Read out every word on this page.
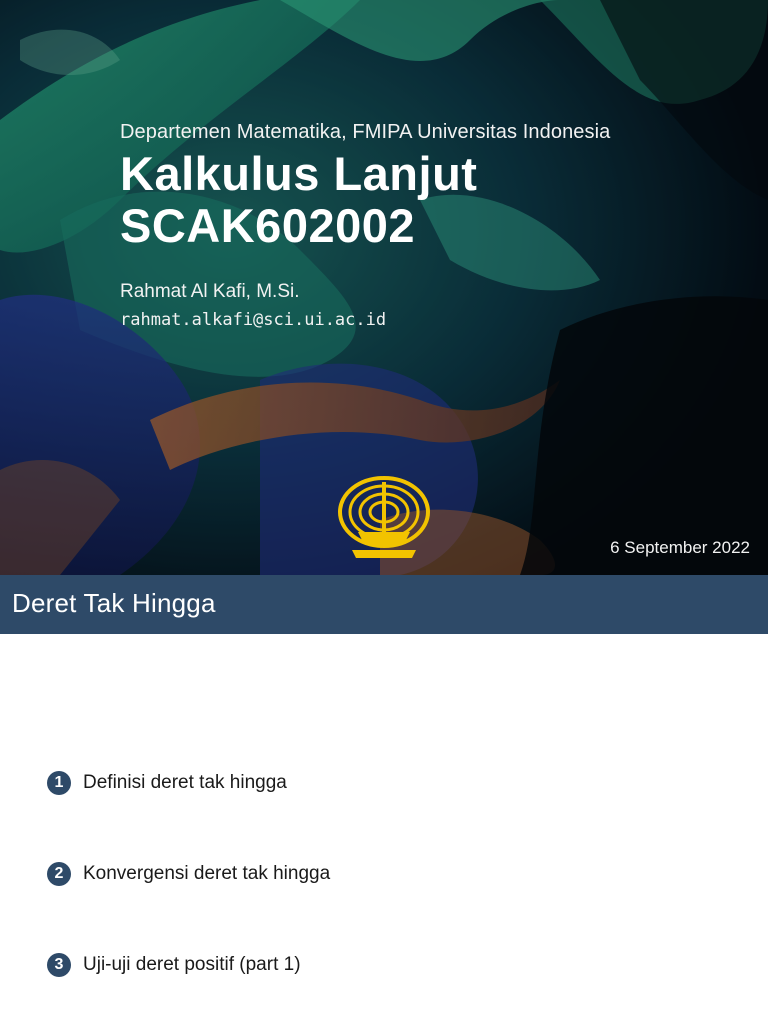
Departemen Matematika, FMIPA Universitas Indonesia
Kalkulus Lanjut
SCAK602002
Rahmat Al Kafi, M.Si.
rahmat.alkafi@sci.ui.ac.id
6 September 2022
Deret Tak Hingga
1	Definisi deret tak hingga
2	Konvergensi deret tak hingga
3	Uji-uji deret positif (part 1)
